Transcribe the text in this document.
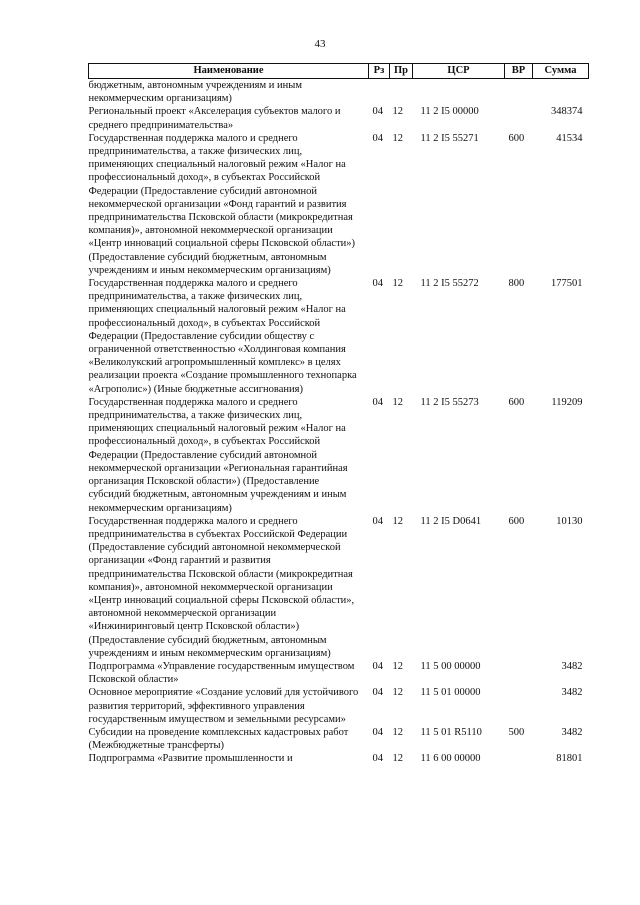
43
Наименование	Рз	Пр	ЦСР	ВР	Сумма
бюджетным, автономным учреждениям и иным некоммерческим организациям)					
Региональный проект «Акселерация субъектов малого и среднего предпринимательства»	04	12	11 2 I5 00000		348374
Государственная поддержка малого и среднего предпринимательства, а также физических лиц, применяющих специальный налоговый режим «Налог на профессиональный доход», в субъектах Российской Федерации (Предоставление субсидий автономной некоммерческой организации «Фонд гарантий и развития предпринимательства Псковской области (микрокредитная компания)», автономной некоммерческой организации «Центр инноваций социальной сферы Псковской области») (Предоставление субсидий бюджетным, автономным учреждениям и иным некоммерческим организациям)	04	12	11 2 I5 55271	600	41534
Государственная поддержка малого и среднего предпринимательства, а также физических лиц, применяющих специальный налоговый режим «Налог на профессиональный доход», в субъектах Российской Федерации (Предоставление субсидии обществу с ограниченной ответственностью «Холдинговая компания «Великолукский агропромышленный комплекс» в целях реализации проекта «Создание промышленного технопарка «Агрополис») (Иные бюджетные ассигнования)	04	12	11 2 I5 55272	800	177501
Государственная поддержка малого и среднего предпринимательства, а также физических лиц, применяющих специальный налоговый режим «Налог на профессиональный доход», в субъектах Российской Федерации (Предоставление субсидий автономной некоммерческой организации «Региональная гарантийная организация Псковской области») (Предоставление субсидий бюджетным, автономным учреждениям и иным некоммерческим организациям)	04	12	11 2 I5 55273	600	119209
Государственная поддержка малого и среднего предпринимательства в субъектах Российской Федерации (Предоставление субсидий автономной некоммерческой организации «Фонд гарантий и развития предпринимательства Псковской области (микрокредитная компания)», автономной некоммерческой организации «Центр инноваций социальной сферы Псковской области», автономной некоммерческой организации «Инжиниринговый центр Псковской области») (Предоставление субсидий бюджетным, автономным учреждениям и иным некоммерческим организациям)	04	12	11 2 I5 D0641	600	10130
Подпрограмма «Управление государственным имуществом Псковской области»	04	12	11 5 00 00000		3482
Основное мероприятие «Создание условий для устойчивого развития территорий, эффективного управления государственным имуществом и земельными ресурсами»	04	12	11 5 01 00000		3482
Субсидии на проведение комплексных кадастровых работ (Межбюджетные трансферты)	04	12	11 5 01 R5110	500	3482
Подпрограмма «Развитие промышленности и	04	12	11 6 00 00000		81801
